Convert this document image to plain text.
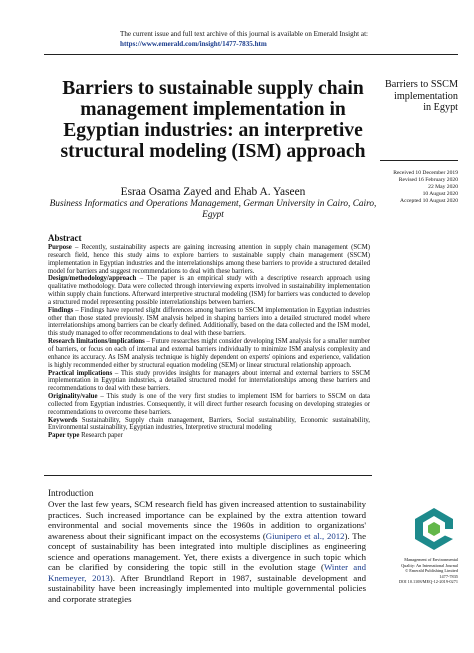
The current issue and full text archive of this journal is available on Emerald Insight at:
https://www.emerald.com/insight/1477-7835.htm
Barriers to sustainable supply chain management implementation in Egyptian industries: an interpretive structural modeling (ISM) approach
Esraa Osama Zayed and Ehab A. Yaseen
Business Informatics and Operations Management, German University in Cairo, Cairo, Egypt
Barriers to SSCM implementation in Egypt
Received 10 December 2019
Revised 16 February 2020
22 May 2020
10 August 2020
Accepted 10 August 2020
Abstract

Purpose – Recently, sustainability aspects are gaining increasing attention in supply chain management (SCM) research field, hence this study aims to explore barriers to sustainable supply chain management (SSCM) implementation in Egyptian industries and the interrelationships among these barriers to provide a structured detailed model for barriers and suggest recommendations to deal with these barriers.

Design/methodology/approach – The paper is an empirical study with a descriptive research approach using qualitative methodology. Data were collected through interviewing experts involved in sustainability implementation within supply chain functions. Afterward interpretive structural modeling (ISM) for barriers was conducted to develop a structured model representing possible interrelationships between barriers.

Findings – Findings have reported slight differences among barriers to SSCM implementation in Egyptian industries other than those stated previously. ISM analysis helped in shaping barriers into a detailed structured model where interrelationships among barriers can be clearly defined. Additionally, based on the data collected and the ISM model, this study managed to offer recommendations to deal with these barriers.

Research limitations/implications – Future researches might consider developing ISM analysis for a smaller number of barriers, or focus on each of internal and external barriers individually to minimize ISM analysis complexity and enhance its accuracy. As ISM analysis technique is highly dependent on experts' opinions and experience, validation is highly recommended either by structural equation modeling (SEM) or linear structural relationship approach.

Practical implications – This study provides insights for managers about internal and external barriers to SSCM implementation in Egyptian industries, a detailed structured model for interrelationships among these barriers and recommendations to deal with these barriers.

Originality/value – This study is one of the very first studies to implement ISM for barriers to SSCM on data collected from Egyptian industries. Consequently, it will direct further research focusing on developing strategies or recommendations to overcome these barriers.

Keywords Sustainability, Supply chain management, Barriers, Social sustainability, Economic sustainability, Environmental sustainability, Egyptian industries, Interpretive structural modeling

Paper type Research paper

Introduction
Over the last few years, SCM research field has given increased attention to sustainability practices. Such increased importance can be explained by the extra attention toward environmental and social movements since the 1960s in addition to organizations' awareness about their significant impact on the ecosystems (Giunipero et al., 2012). The concept of sustainability has been integrated into multiple disciplines as engineering science and operations management. Yet, there exists a divergence in such topic which can be clarified by considering the topic still in the evolution stage (Winter and Knemeyer, 2013). After Brundtland Report in 1987, sustainable development and sustainability have been increasingly implemented into multiple governmental policies and corporate strategies
Management of Environmental
Quality: An International Journal
© Emerald Publishing Limited
1477-7835
DOI 10.1108/MEQ-12-2019-0271
